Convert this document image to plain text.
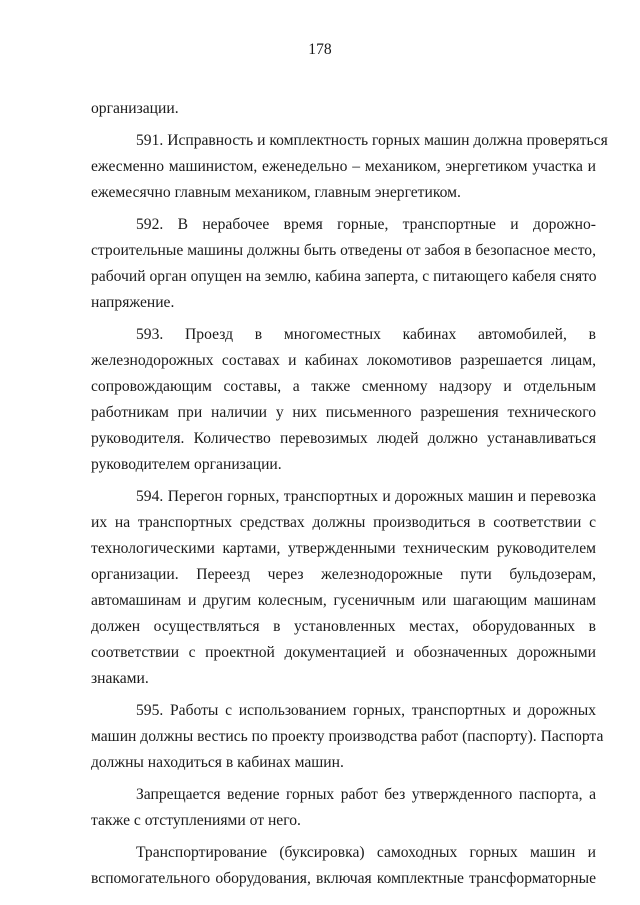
178
организации.
591. Исправность и комплектность горных машин должна проверяться
ежесменно машинистом, еженедельно – механиком, энергетиком участка и
ежемесячно главным механиком, главным энергетиком.
592. В нерабочее время горные, транспортные и дорожно-
строительные машины должны быть отведены от забоя в безопасное место,
рабочий орган опущен на землю, кабина заперта, с питающего кабеля снято
напряжение.
593. Проезд в многоместных кабинах автомобилей, в
железнодорожных составах и кабинах локомотивов разрешается лицам,
сопровождающим составы, а также сменному надзору и отдельным
работникам при наличии у них письменного разрешения технического
руководителя. Количество перевозимых людей должно устанавливаться
руководителем организации.
594. Перегон горных, транспортных и дорожных машин и перевозка
их на транспортных средствах должны производиться в соответствии с
технологическими картами, утвержденными техническим руководителем
организации. Переезд через железнодорожные пути бульдозерам,
автомашинам и другим колесным, гусеничным или шагающим машинам
должен осуществляться в установленных местах, оборудованных в
соответствии с проектной документацией и обозначенных дорожными
знаками.
595. Работы с использованием горных, транспортных и дорожных
машин должны вестись по проекту производства работ (паспорту). Паспорта
должны находиться в кабинах машин.
Запрещается ведение горных работ без утвержденного паспорта, а
также с отступлениями от него.
Транспортирование (буксировка) самоходных горных машин и
вспомогательного оборудования, включая комплектные трансформаторные
